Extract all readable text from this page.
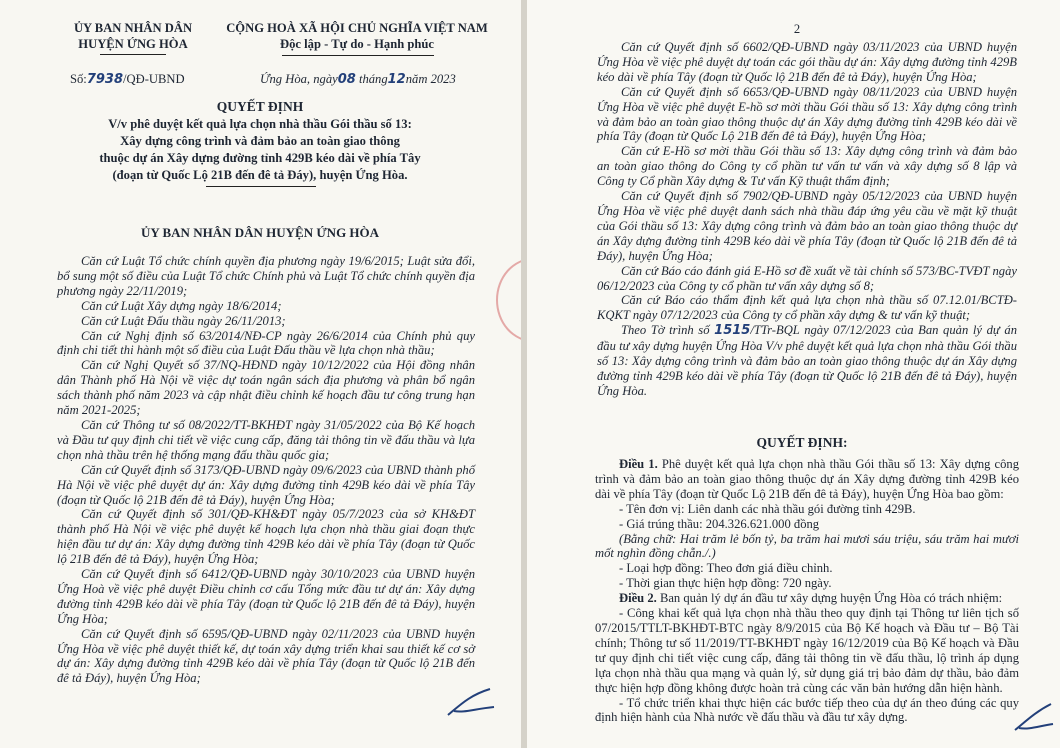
ỦY BAN NHÂN DÂN
HUYỆN ỨNG HÒA
CỘNG HOÀ XÃ HỘI CHỦ NGHĨA VIỆT NAM
Độc lập - Tự do - Hạnh phúc
Số:7938/QĐ-UBND	Ứng Hòa, ngày08 tháng12năm 2023
QUYẾT ĐỊNH
V/v phê duyệt kết quả lựa chọn nhà thầu Gói thầu số 13:
Xây dựng công trình và đảm bảo an toàn giao thông
thuộc dự án Xây dựng đường tỉnh 429B kéo dài về phía Tây
(đoạn từ Quốc Lộ 21B đến đê tả Đáy), huyện Ứng Hòa.
ỦY BAN NHÂN DÂN HUYỆN ỨNG HÒA

Căn cứ Luật Tổ chức chính quyền địa phương ngày 19/6/2015; Luật sửa đổi, bổ sung một số điều của Luật Tổ chức Chính phủ và Luật Tổ chức chính quyền địa phương ngày 22/11/2019;

Căn cứ Luật Xây dựng ngày 18/6/2014;

Căn cứ Luật Đấu thầu ngày 26/11/2013;

Căn cứ Nghị định số 63/2014/NĐ-CP ngày 26/6/2014 của Chính phủ quy định chi tiết thi hành một số điều của Luật Đấu thầu về lựa chọn nhà thầu;

Căn cứ Nghị Quyết số 37/NQ-HĐND ngày 10/12/2022 của Hội đồng nhân dân Thành phố Hà Nội về việc dự toán ngân sách địa phương và phân bổ ngân sách thành phố năm 2023 và cập nhật điều chỉnh kế hoạch đầu tư công trung hạn năm 2021-2025;

Căn cứ Thông tư số 08/2022/TT-BKHĐT ngày 31/05/2022 của Bộ Kế hoạch và Đầu tư quy định chi tiết về việc cung cấp, đăng tải thông tin về đấu thầu và lựa chọn nhà thầu trên hệ thống mạng đấu thầu quốc gia;

Căn cứ Quyết định số 3173/QĐ-UBND ngày 09/6/2023 của UBND thành phố Hà Nội về việc phê duyệt dự án: Xây dựng đường tỉnh 429B kéo dài về phía Tây (đoạn từ Quốc lộ 21B đến đê tả Đáy), huyện Ứng Hòa;

Căn cứ Quyết định số 301/QĐ-KH&ĐT ngày 05/7/2023 của sở KH&ĐT thành phố Hà Nội về việc phê duyệt kế hoạch lựa chọn nhà thầu giai đoạn thực hiện đầu tư dự án: Xây dựng đường tỉnh 429B kéo dài về phía Tây (đoạn từ Quốc lộ 21B đến đê tả Đáy), huyện Ứng Hòa;

Căn cứ Quyết định số 6412/QĐ-UBND ngày 30/10/2023 của UBND huyện Ứng Hoà về việc phê duyệt Điều chỉnh cơ cấu Tổng mức đầu tư dự án: Xây dựng đường tỉnh 429B kéo dài về phía Tây (đoạn từ Quốc lộ 21B đến đê tả Đáy), huyện Ứng Hòa;

Căn cứ Quyết định số 6595/QĐ-UBND ngày 02/11/2023 của UBND huyện Ứng Hòa về việc phê duyệt thiết kế, dự toán xây dựng triển khai sau thiết kế cơ sở dự án: Xây dựng đường tỉnh 429B kéo dài về phía Tây (đoạn từ Quốc lộ 21B đến đê tả Đáy), huyện Ứng Hòa;

2

Căn cứ Quyết định số 6602/QĐ-UBND ngày 03/11/2023 của UBND huyện Ứng Hòa về việc phê duyệt dự toán các gói thầu dự án: Xây dựng đường tỉnh 429B kéo dài về phía Tây (đoạn từ Quốc lộ 21B đến đê tả Đáy), huyện Ứng Hòa;

Căn cứ Quyết định số 6653/QĐ-UBND ngày 08/11/2023 của UBND huyện Ứng Hòa về việc phê duyệt E-hồ sơ mời thầu Gói thầu số 13: Xây dựng công trình và đảm bảo an toàn giao thông thuộc dự án Xây dựng đường tỉnh 429B kéo dài về phía Tây (đoạn từ Quốc Lộ 21B đến đê tả Đáy), huyện Ứng Hòa;

Căn cứ E-Hồ sơ mời thầu Gói thầu số 13: Xây dựng công trình và đảm bảo an toàn giao thông do Công ty cổ phần tư vấn tư vấn và xây dựng số 8 lập và Công ty Cổ phần Xây dựng & Tư vấn Kỹ thuật thẩm định;

Căn cứ Quyết định số 7902/QĐ-UBND ngày 05/12/2023 của UBND huyện Ứng Hòa về việc phê duyệt danh sách nhà thầu đáp ứng yêu cầu về mặt kỹ thuật của Gói thầu số 13: Xây dựng công trình và đảm bảo an toàn giao thông thuộc dự án Xây dựng đường tỉnh 429B kéo dài về phía Tây (đoạn từ Quốc lộ 21B đến đê tả Đáy), huyện Ứng Hòa;

Căn cứ Báo cáo đánh giá E-Hồ sơ đề xuất về tài chính số 573/BC-TVĐT ngày 06/12/2023 của Công ty cổ phần tư vấn xây dựng số 8;

Căn cứ Báo cáo thẩm định kết quả lựa chọn nhà thầu số 07.12.01/BCTĐ-KQKT ngày 07/12/2023 của Công ty cổ phần xây dựng & tư vấn kỹ thuật;

Theo Tờ trình số 1515/TTr-BQL ngày 07/12/2023 của Ban quản lý dự án đầu tư xây dựng huyện Ứng Hòa V/v phê duyệt kết quả lựa chọn nhà thầu Gói thầu số 13: Xây dựng công trình và đảm bảo an toàn giao thông thuộc dự án Xây dựng đường tỉnh 429B kéo dài về phía Tây (đoạn từ Quốc lộ 21B đến đê tả Đáy), huyện Ứng Hòa.

QUYẾT ĐỊNH:

Điều 1. Phê duyệt kết quả lựa chọn nhà thầu Gói thầu số 13: Xây dựng công trình và đảm bảo an toàn giao thông thuộc dự án Xây dựng đường tỉnh 429B kéo dài về phía Tây (đoạn từ Quốc Lộ 21B đến đê tả Đáy), huyện Ứng Hòa bao gồm:

- Tên đơn vị: Liên danh các nhà thầu gói đường tỉnh 429B.

- Giá trúng thầu: 204.326.621.000 đồng

(Bằng chữ: Hai trăm lẻ bốn tỷ, ba trăm hai mươi sáu triệu, sáu trăm hai mươi mốt nghìn đồng chẵn./.)

- Loại hợp đồng: Theo đơn giá điều chỉnh.

- Thời gian thực hiện hợp đồng: 720 ngày.

Điều 2. Ban quản lý dự án đầu tư xây dựng huyện Ứng Hòa có trách nhiệm:

- Công khai kết quả lựa chọn nhà thầu theo quy định tại Thông tư liên tịch số 07/2015/TTLT-BKHĐT-BTC ngày 8/9/2015 của Bộ Kế hoạch và Đầu tư – Bộ Tài chính; Thông tư số 11/2019/TT-BKHĐT ngày 16/12/2019 của Bộ Kế hoạch và Đầu tư quy định chi tiết việc cung cấp, đăng tải thông tin về đấu thầu, lộ trình áp dụng lựa chọn nhà thầu qua mạng và quản lý, sử dụng giá trị bảo đảm dự thầu, bảo đảm thực hiện hợp đồng không được hoàn trả cùng các văn bản hướng dẫn hiện hành.

- Tổ chức triển khai thực hiện các bước tiếp theo của dự án theo đúng các quy định hiện hành của Nhà nước về đấu thầu và đầu tư xây dựng.
